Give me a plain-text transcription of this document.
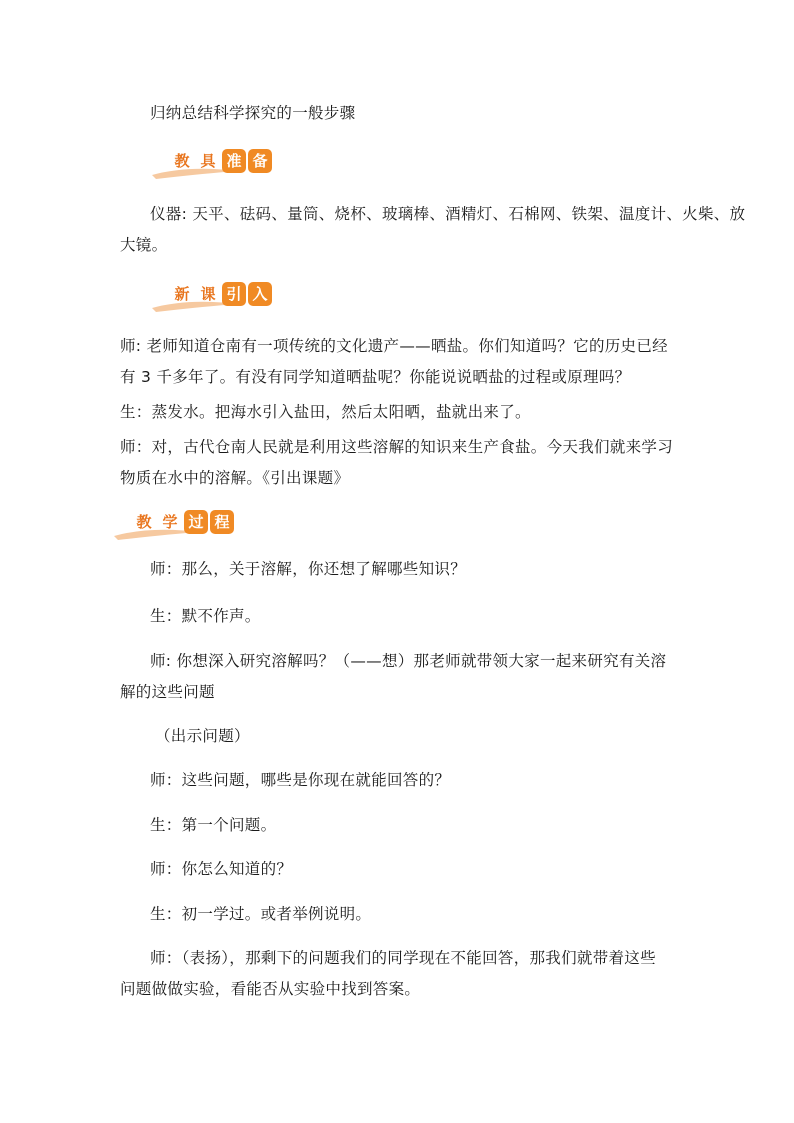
归纳总结科学探究的一般步骤
教 具 准 备
仪器: 天平、砝码、量筒、烧杯、玻璃棒、酒精灯、石棉网、铁架、温度计、火柴、放
大镜。
新 课 引 入
师: 老师知道仓南有一项传统的文化遗产——晒盐。你们知道吗？它的历史已经
有 3 千多年了。有没有同学知道晒盐呢？你能说说晒盐的过程或原理吗？
生：蒸发水。把海水引入盐田，然后太阳晒，盐就出来了。
师：对，古代仓南人民就是利用这些溶解的知识来生产食盐。今天我们就来学习
物质在水中的溶解。《引出课题》
教 学 过 程
师：那么，关于溶解，你还想了解哪些知识？
生：默不作声。
师: 你想深入研究溶解吗？（——想）那老师就带领大家一起来研究有关溶
解的这些问题
（出示问题）
师：这些问题，哪些是你现在就能回答的？
生：第一个问题。
师：你怎么知道的？
生：初一学过。或者举例说明。
师：（表扬），那剩下的问题我们的同学现在不能回答，那我们就带着这些
问题做做实验，看能否从实验中找到答案。
